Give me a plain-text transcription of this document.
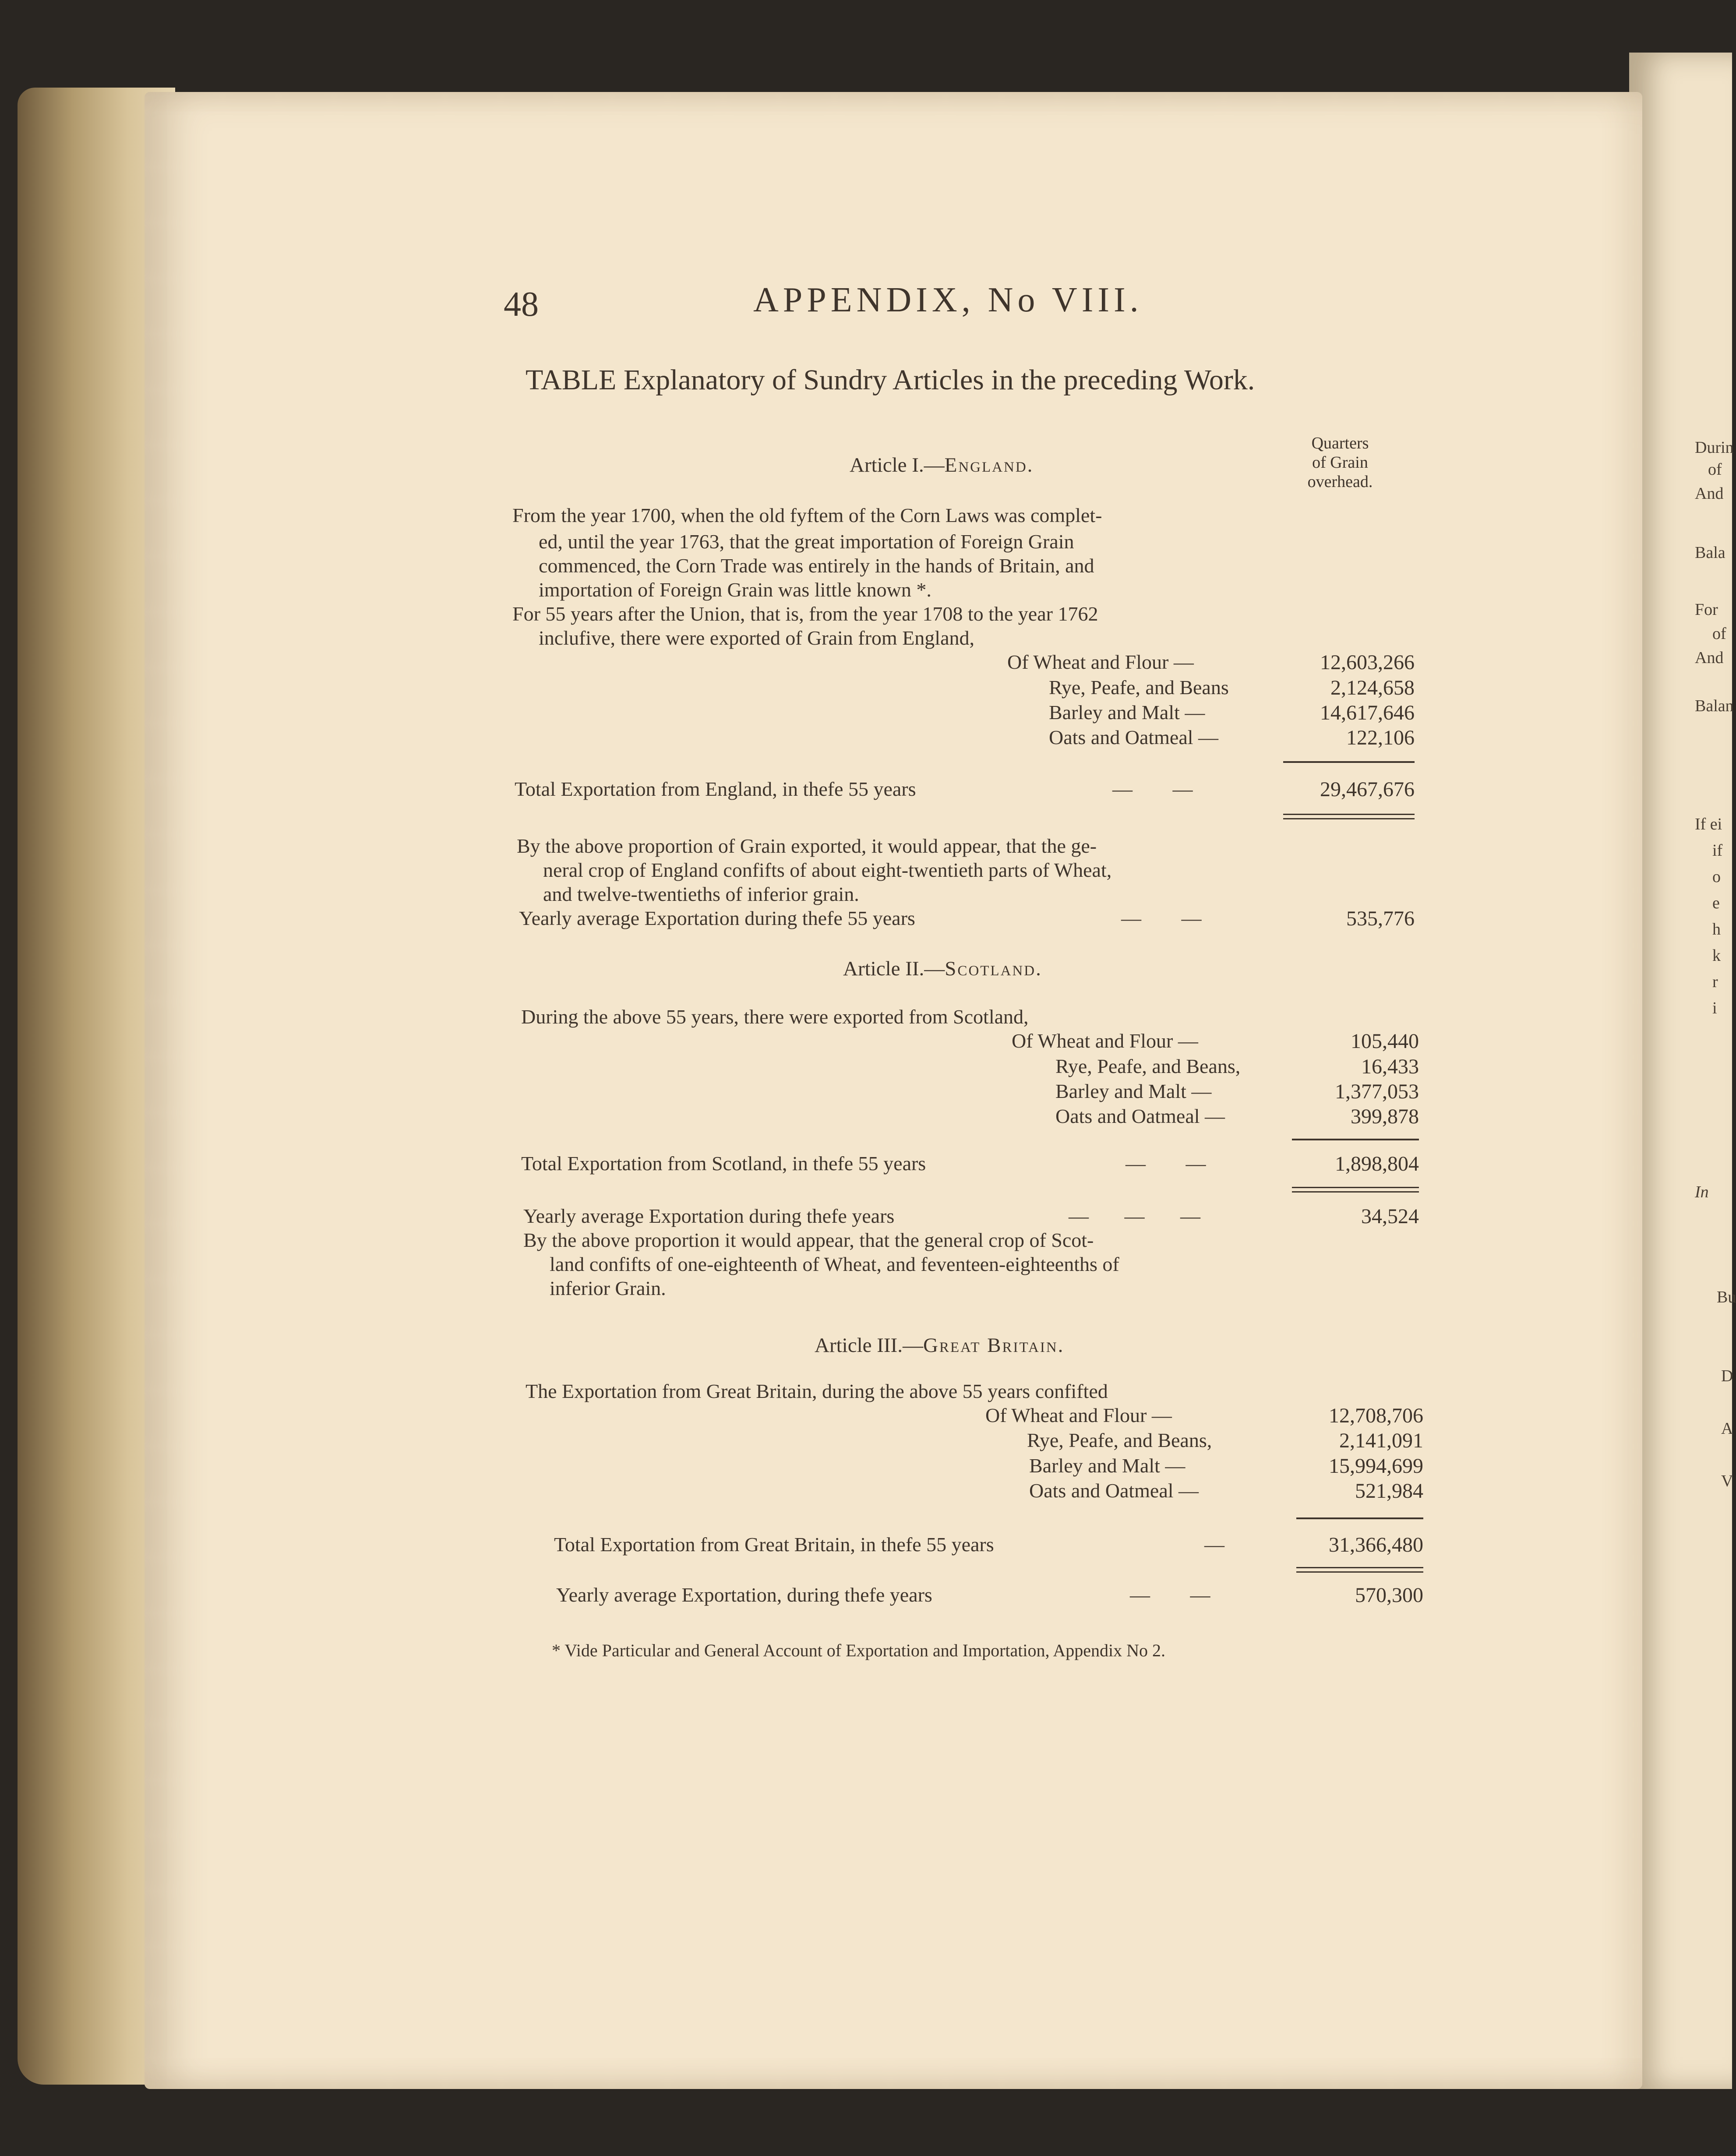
Durin
of
And
Bala
For
of
And
Balan
If ei
if
o
e
h
k
r
i
In
Bu
D
A
V
48	APPENDIX, No VIII.
TABLE Explanatory of Sundry Articles in the preceding Work.
Quarters
of Grain
overhead.
Article I.—England.
From the year 1700, when the old fyftem of the Corn Laws was complet-
ed, until the year 1763, that the great importation of Foreign Grain
commenced, the Corn Trade was entirely in the hands of Britain, and
importation of Foreign Grain was little known *.
For 55 years after the Union, that is, from the year 1708 to the year 1762
inclufive, there were exported of Grain from England,
Of Wheat and Flour —	12,603,266
Rye, Peafe, and Beans	2,124,658
Barley and Malt —	14,617,646
Oats and Oatmeal —	122,106
Total Exportation from England, in thefe 55 years	— —	29,467,676
By the above proportion of Grain exported, it would appear, that the ge-
neral crop of England confifts of about eight-twentieth parts of Wheat,
and twelve-twentieths of inferior grain.
Yearly average Exportation during thefe 55 years	— —	535,776
Article II.—Scotland.
During the above 55 years, there were exported from Scotland,
Of Wheat and Flour —	105,440
Rye, Peafe, and Beans,	16,433
Barley and Malt —	1,377,053
Oats and Oatmeal —	399,878
Total Exportation from Scotland, in thefe 55 years	— —	1,898,804
Yearly average Exportation during thefe years	— — —	34,524
By the above proportion it would appear, that the general crop of Scot-
land confifts of one-eighteenth of Wheat, and feventeen-eighteenths of
inferior Grain.
Article III.—Great Britain.
The Exportation from Great Britain, during the above 55 years confifted
Of Wheat and Flour —	12,708,706
Rye, Peafe, and Beans,	2,141,091
Barley and Malt —	15,994,699
Oats and Oatmeal —	521,984
Total Exportation from Great Britain, in thefe 55 years	—	31,366,480
Yearly average Exportation, during thefe years	— —	570,300
* Vide Particular and General Account of Exportation and Importation, Appendix No 2.
